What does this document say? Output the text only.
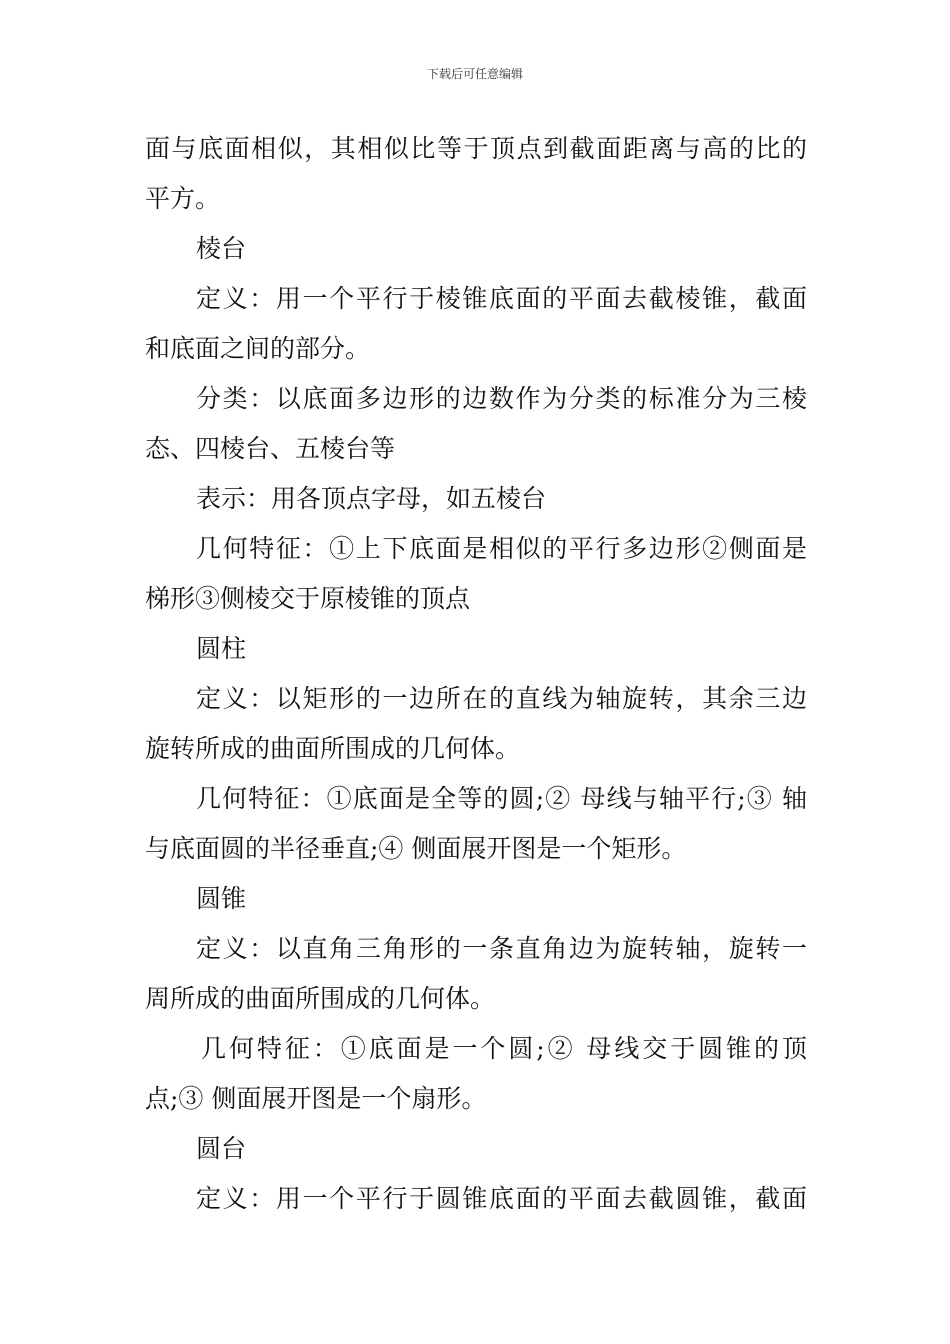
下载后可任意编辑
面与底面相似，其相似比等于顶点到截面距离与高的比的
平方。
棱台
定义：用一个平行于棱锥底面的平面去截棱锥，截面
和底面之间的部分。
分类：以底面多边形的边数作为分类的标准分为三棱
态、四棱台、五棱台等
表示：用各顶点字母，如五棱台
几何特征：①上下底面是相似的平行多边形②侧面是
梯形③侧棱交于原棱锥的顶点
圆柱
定义：以矩形的一边所在的直线为轴旋转，其余三边
旋转所成的曲面所围成的几何体。
几何特征：①底面是全等的圆;② 母线与轴平行;③ 轴
与底面圆的半径垂直;④ 侧面展开图是一个矩形。
圆锥
定义：以直角三角形的一条直角边为旋转轴，旋转一
周所成的曲面所围成的几何体。
几何特征：①底面是一个圆;② 母线交于圆锥的顶
点;③ 侧面展开图是一个扇形。
圆台
定义：用一个平行于圆锥底面的平面去截圆锥，截面
